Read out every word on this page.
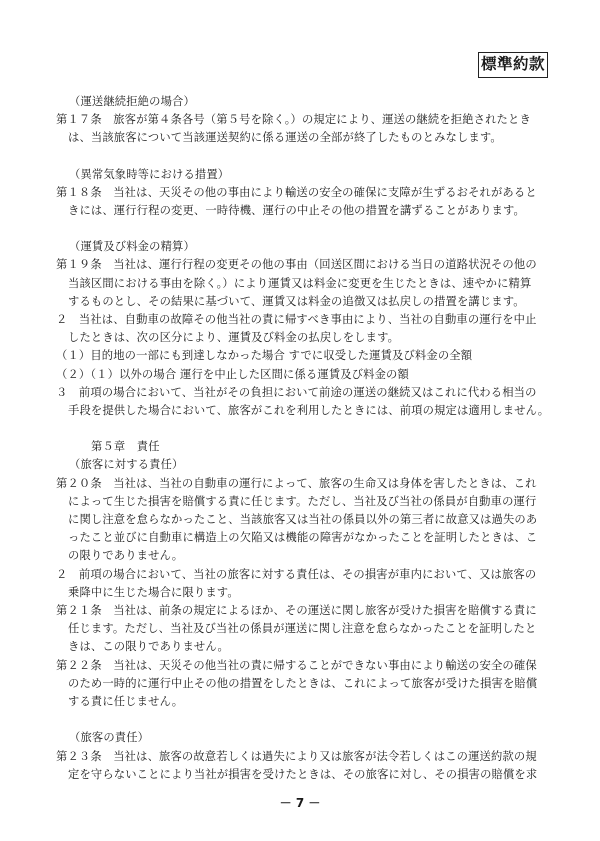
標準約款
（運送継続拒絶の場合）
第１７条　旅客が第４条各号（第５号を除く。）の規定により、運送の継続を拒絶されたとき
は、当該旅客について当該運送契約に係る運送の全部が終了したものとみなします。
（異常気象時等における措置）
第１８条　当社は、天災その他の事由により輸送の安全の確保に支障が生ずるおそれがあると
きには、運行行程の変更、一時待機、運行の中止その他の措置を講ずることがあります。
（運賃及び料金の精算）
第１９条　当社は、運行行程の変更その他の事由（回送区間における当日の道路状況その他の
当該区間における事由を除く。）により運賃又は料金に変更を生じたときは、速やかに精算
するものとし、その結果に基づいて、運賃又は料金の追徴又は払戻しの措置を講じます。
２　当社は、自動車の故障その他当社の責に帰すべき事由により、当社の自動車の運行を中止
したときは、次の区分により、運賃及び料金の払戻しをします。
（１）目的地の一部にも到達しなかった場合 すでに収受した運賃及び料金の全額
（２）（１）以外の場合 運行を中止した区間に係る運賃及び料金の額
３　前項の場合において、当社がその負担において前途の運送の継続又はこれに代わる相当の
手段を提供した場合において、旅客がこれを利用したときには、前項の規定は適用しません。
第５章　責任
（旅客に対する責任）
第２０条　当社は、当社の自動車の運行によって、旅客の生命又は身体を害したときは、これ
によって生じた損害を賠償する責に任じます。ただし、当社及び当社の係員が自動車の運行
に関し注意を怠らなかったこと、当該旅客又は当社の係員以外の第三者に故意又は過失のあ
ったこと並びに自動車に構造上の欠陥又は機能の障害がなかったことを証明したときは、こ
の限りでありません。
２　前項の場合において、当社の旅客に対する責任は、その損害が車内において、又は旅客の
乗降中に生じた場合に限ります。
第２１条　当社は、前条の規定によるほか、その運送に関し旅客が受けた損害を賠償する責に
任じます。ただし、当社及び当社の係員が運送に関し注意を怠らなかったことを証明したと
きは、この限りでありません。
第２２条　当社は、天災その他当社の責に帰することができない事由により輸送の安全の確保
のため一時的に運行中止その他の措置をしたときは、これによって旅客が受けた損害を賠償
する責に任じません。
（旅客の責任）
第２３条　当社は、旅客の故意若しくは過失により又は旅客が法令若しくはこの運送約款の規
定を守らないことにより当社が損害を受けたときは、その旅客に対し、その損害の賠償を求
－ 7 －
